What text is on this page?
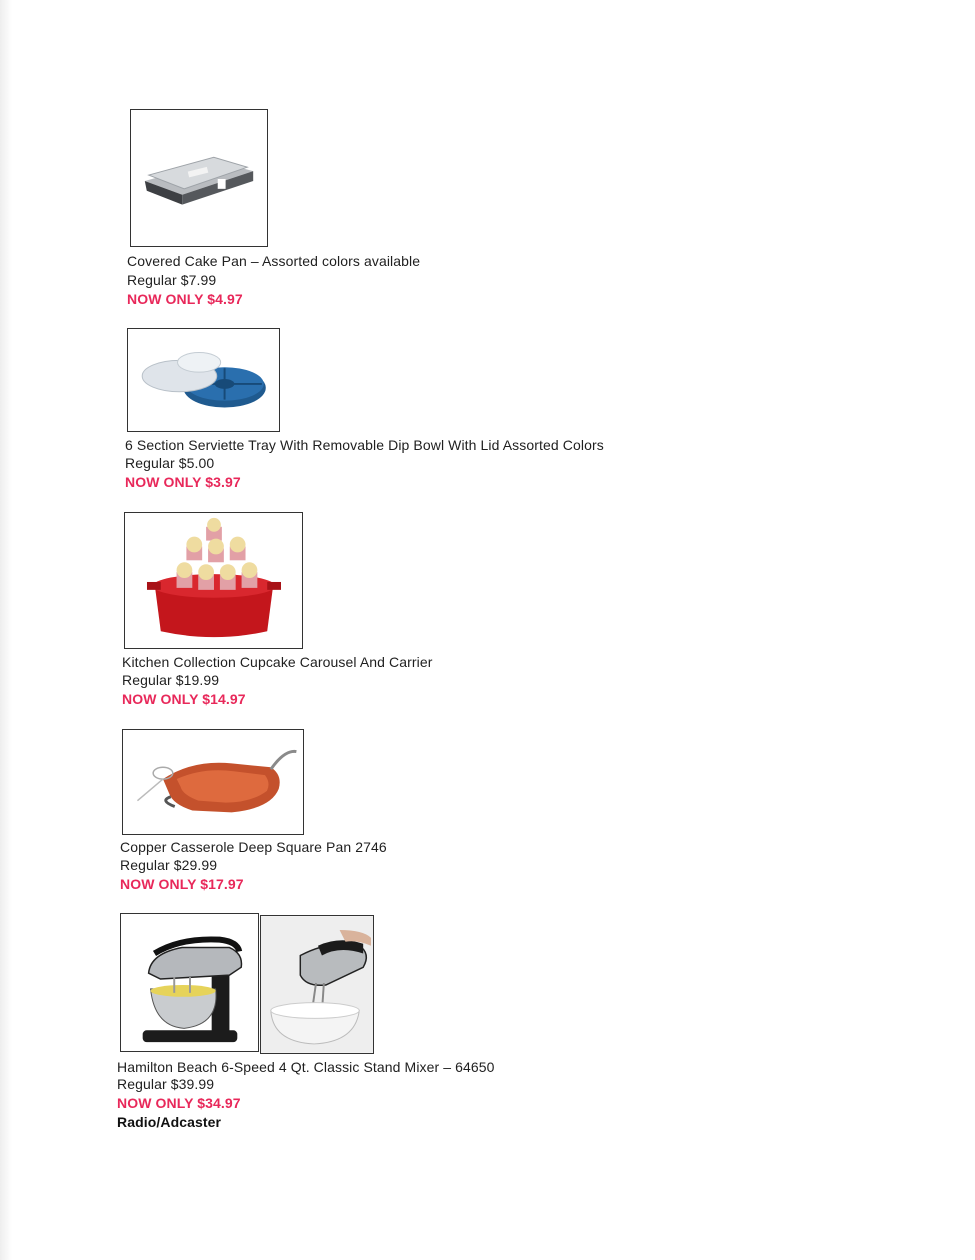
Covered Cake Pan – Assorted colors available
Regular $7.99
NOW ONLY $4.97
6 Section Serviette Tray With Removable Dip Bowl With Lid Assorted Colors
Regular $5.00
NOW ONLY $3.97
Kitchen Collection Cupcake Carousel And Carrier
Regular $19.99
NOW ONLY $14.97
Copper Casserole Deep Square Pan 2746
Regular $29.99
NOW ONLY $17.97
Hamilton Beach 6-Speed 4 Qt. Classic Stand Mixer – 64650
Regular $39.99
NOW ONLY $34.97
Radio/Adcaster
